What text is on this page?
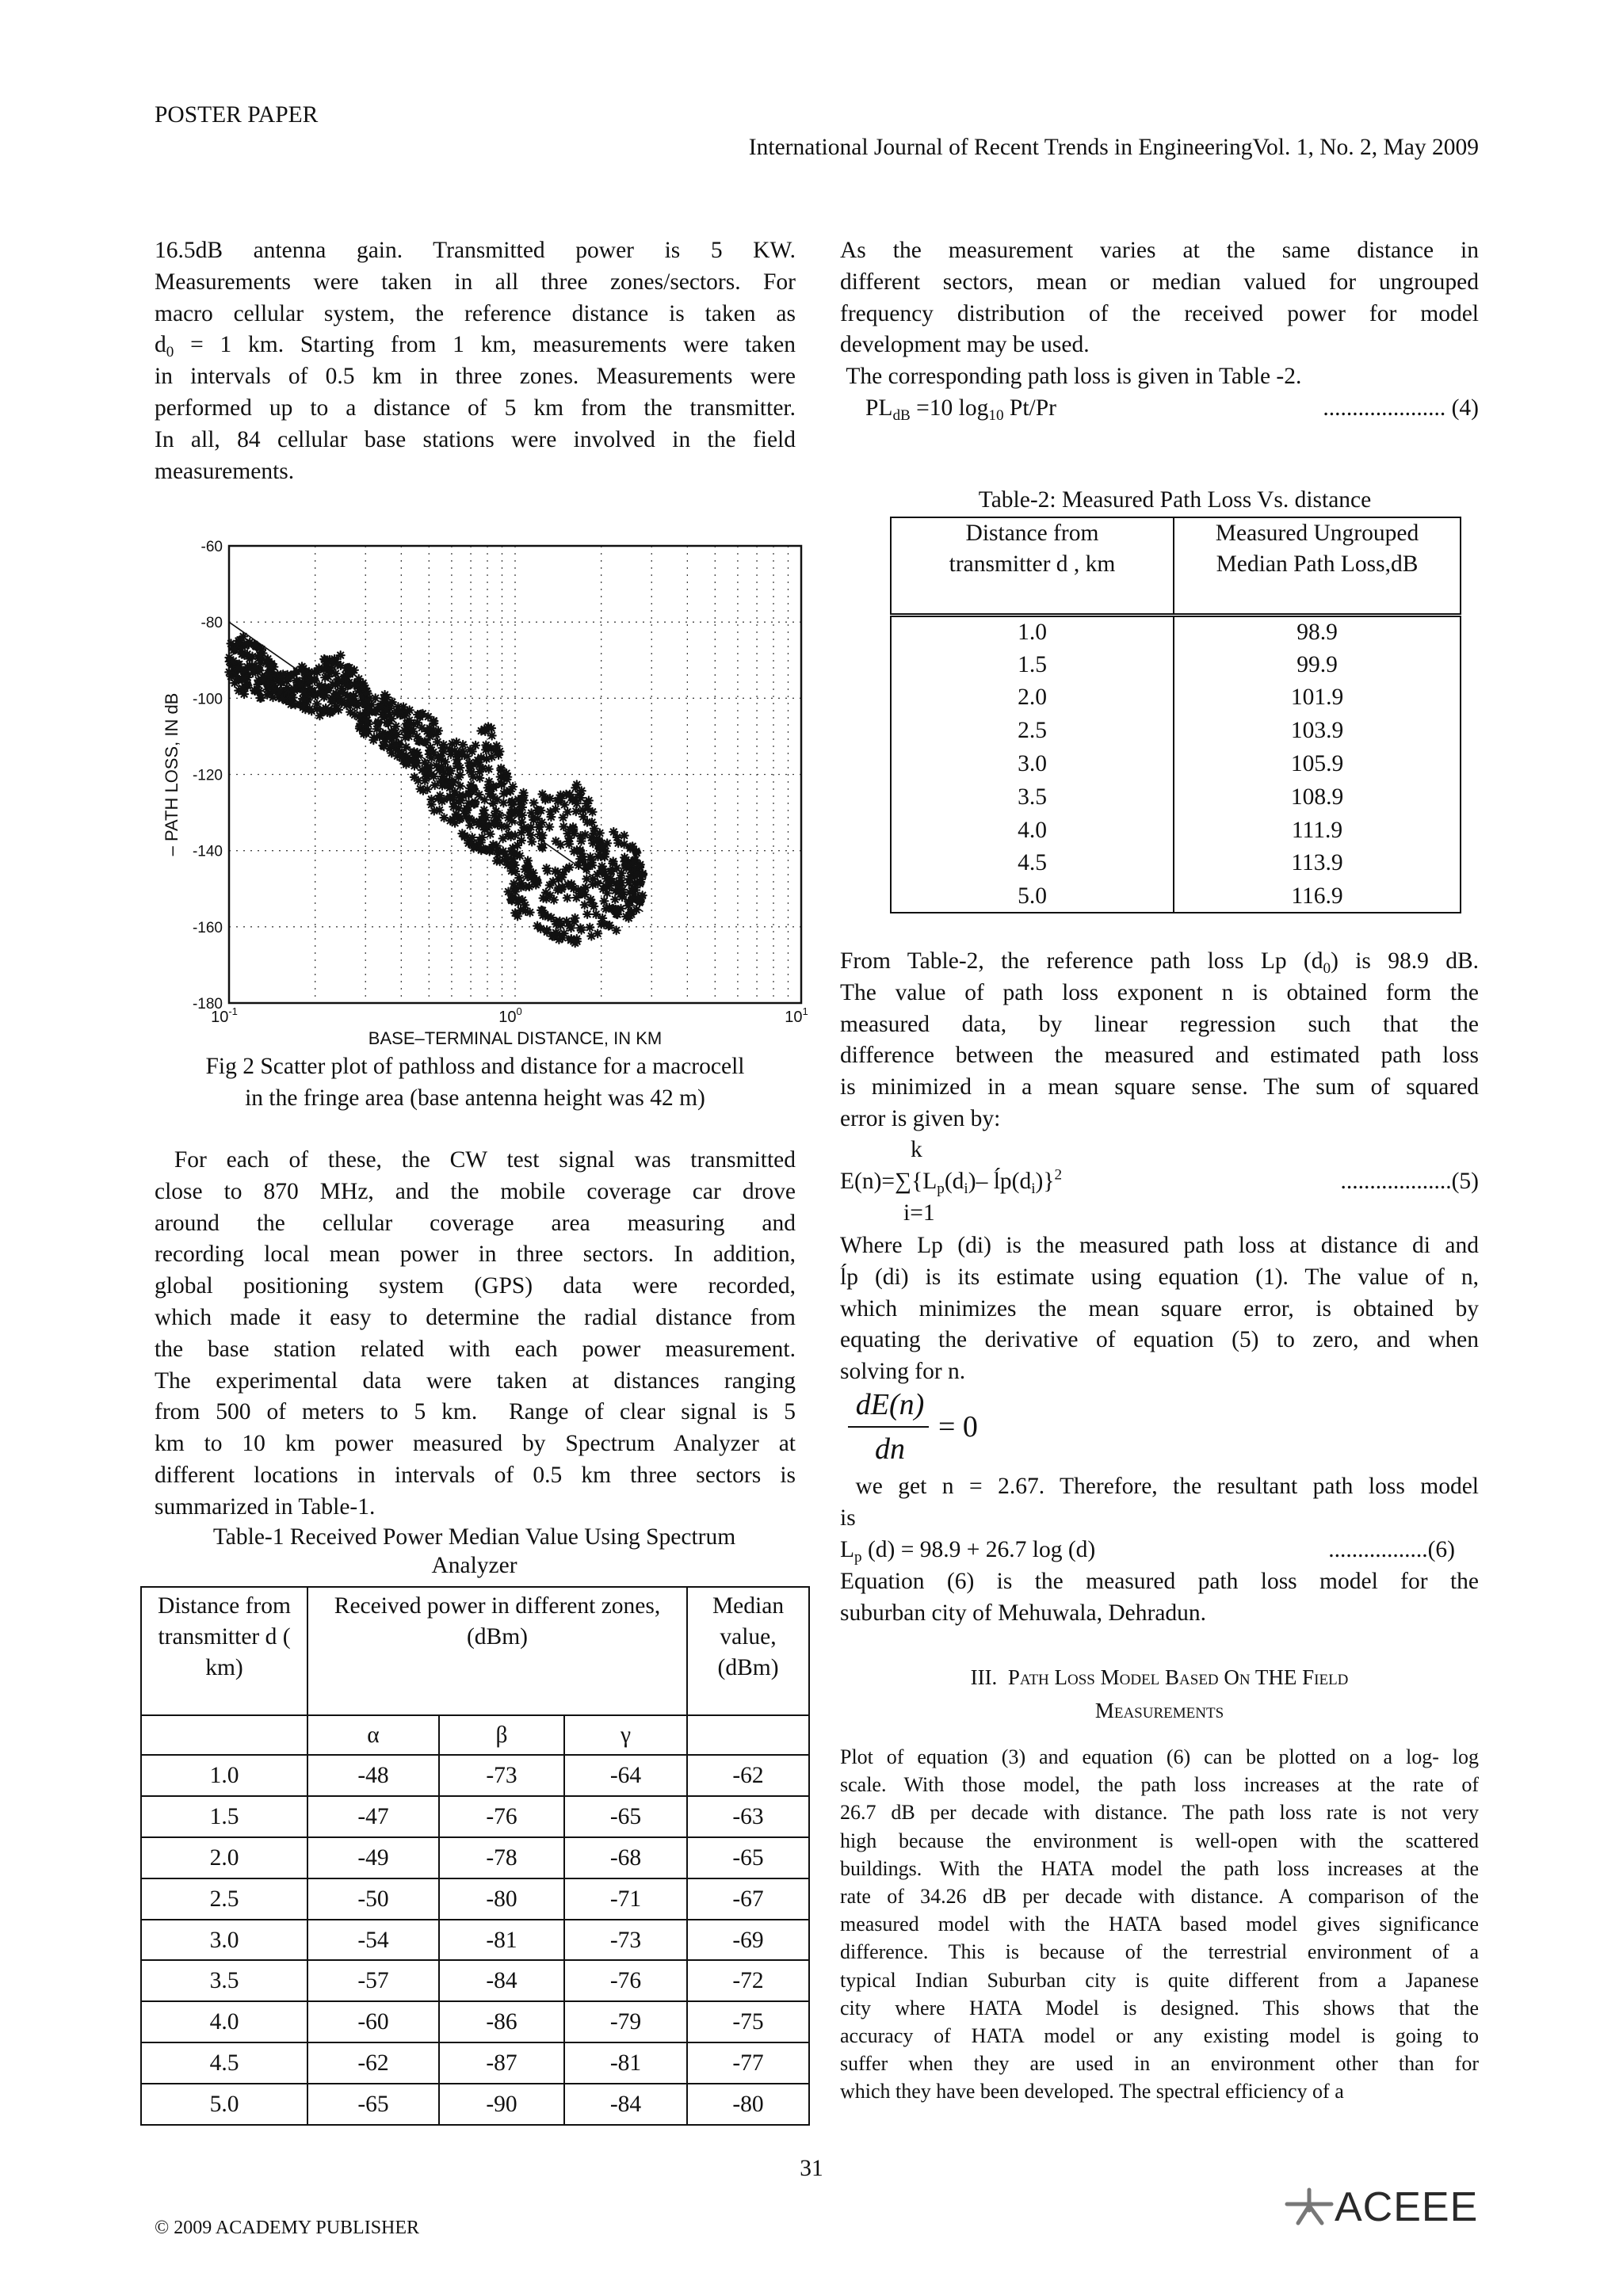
POSTER PAPER
International Journal of Recent Trends in EngineeringVol. 1, No. 2, May 2009
16.5dB antenna gain. Transmitted power is 5 KW.
Measurements were taken in all three zones/sectors. For
macro cellular system, the reference distance is taken as
$d_0 = 1$ km. Starting from 1 km, measurements were taken
in intervals of 0.5 km in three zones. Measurements were
performed up to a distance of 5 km from the transmitter.
In all, 84 cellular base stations were involved in the field
measurements.
-60
-80
-100
-120
-140
-160
-180
$10^{-1}$	$10^0$	$10^1$
BASE–TERMINAL DISTANCE, IN KM
– PATH LOSS, IN dB
Fig 2 Scatter plot of pathloss and distance for a macrocell
in the fringe area (base antenna height was 42 m)
For each of these, the CW test signal was transmitted
close to 870 MHz, and the mobile coverage car drove
around the cellular coverage area measuring and
recording local mean power in three sectors. In addition,
global positioning system (GPS) data were recorded,
which made it easy to determine the radial distance from
the base station related with each power measurement.
The experimental data were taken at distances ranging
from 500 of meters to 5 km.  Range of clear signal is 5
km to 10 km power measured by Spectrum Analyzer at
different locations in intervals of 0.5 km three sectors is
summarized in Table-1.
Table-1 Received Power Median Value Using Spectrum
Analyzer
Distance from transmitter d ( km)	Received power in different zones, (dBm)			Median value, (dBm)
	α	β	γ	
1.0	-48	-73	-64	-62
1.5	-47	-76	-65	-63
2.0	-49	-78	-68	-65
2.5	-50	-80	-71	-67
3.0	-54	-81	-73	-69
3.5	-57	-84	-76	-72
4.0	-60	-86	-79	-75
4.5	-62	-87	-81	-77
5.0	-65	-90	-84	-80
As the measurement varies at the same distance in
different sectors, mean or median valued for ungrouped
frequency distribution of the received power for model
development may be used.
The corresponding path loss is given in Table -2.
$PL_{dB} =10$ $\log_{10} Pt/Pr$	..................... (4)
Table-2: Measured Path Loss Vs. distance
Distance from transmitter d , km	Measured Ungrouped Median Path Loss,dB
1.0	98.9
1.5	99.9
2.0	101.9
2.5	103.9
3.0	105.9
3.5	108.9
4.0	111.9
4.5	113.9
5.0	116.9
From Table-2, the reference path loss Lp $(d_0)$ is 98.9 dB.
The value of path loss exponent n is obtained form the
measured data, by linear regression such that the
difference between the measured and estimated path loss
is minimized in a mean square sense. The sum of squared
error is given by:
k
$E(n)=\sum\{L_p(d_i)-$ $ĺp(d_i)\}^2$	...................(5)
i=1
Where Lp (di) is the measured path loss at distance di and
ĺp (di) is its estimate using equation (1). The value of n,
which minimizes the mean square error, is obtained by
equating the derivative of equation (5) to zero, and when
solving for n.
dE(n)
dn
= 0
we get n = 2.67. Therefore, the resultant path loss model
is
$L_p$ (d) = 98.9 + 26.7 log (d)	.................(6)
Equation (6) is the measured path loss model for the
suburban city of Mehuwala, Dehradun.
III. Path Loss Model Based On THE Field
Measurements
Plot of equation (3) and equation (6) can be plotted on a log- log
scale. With those model, the path loss increases at the rate of
26.7 dB per decade with distance. The path loss rate is not very
high because the environment is well-open with the scattered
buildings. With the HATA model the path loss increases at the
rate of 34.26 dB per decade with distance. A comparison of the
measured model with the HATA based model gives significance
difference. This is because of the terrestrial environment of a
typical Indian Suburban city is quite different from a Japanese
city where HATA Model is designed. This shows that the
accuracy of HATA model or any existing model is going to
suffer when they are used in an environment other than for
which they have been developed. The spectral efficiency of a
31
© 2009 ACADEMY PUBLISHER	ACEEE
